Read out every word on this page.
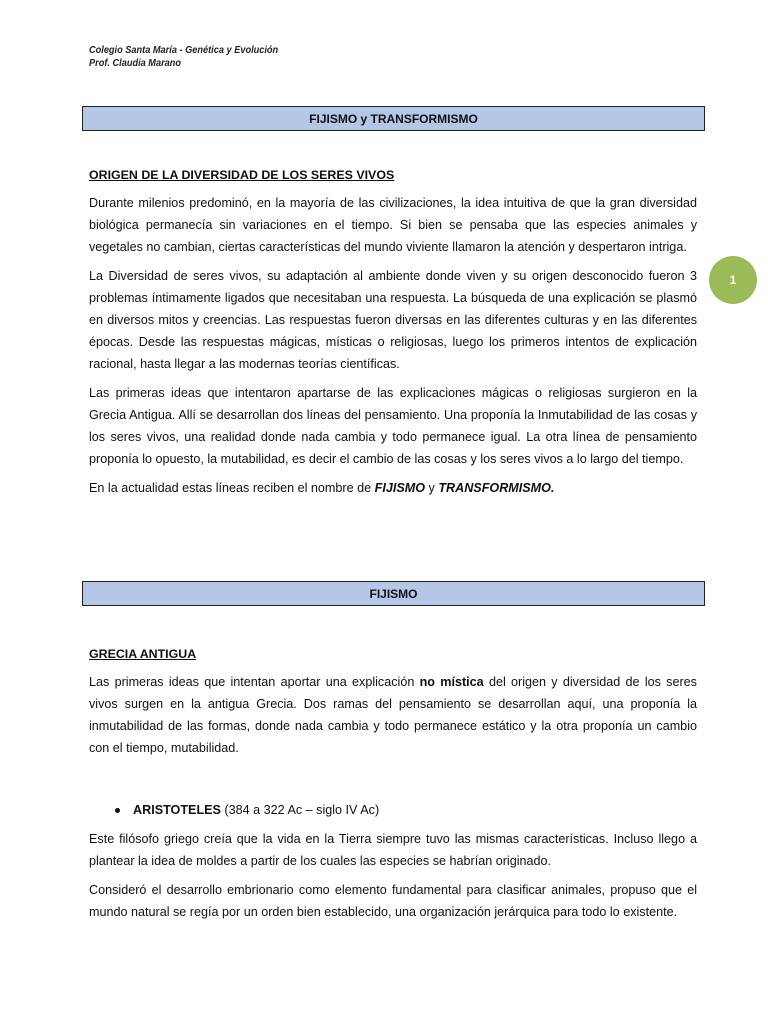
Colegio Santa María - Genética y Evolución
Prof. Claudia Marano
FIJISMO y TRANSFORMISMO
1
ORIGEN DE LA DIVERSIDAD DE LOS SERES VIVOS

Durante milenios predominó, en la mayoría de las civilizaciones, la idea intuitiva de que la gran diversidad biológica permanecía sin variaciones en el tiempo. Si bien se pensaba que las especies animales y vegetales no cambian, ciertas características del mundo viviente llamaron la atención y despertaron intriga.

La Diversidad de seres vivos, su adaptación al ambiente donde viven y su origen desconocido fueron 3 problemas íntimamente ligados que necesitaban una respuesta. La búsqueda de una explicación se plasmó en diversos mitos y creencias. Las respuestas fueron diversas en las diferentes culturas y en las diferentes épocas. Desde las respuestas mágicas, místicas o religiosas, luego los primeros intentos de explicación racional, hasta llegar a las modernas teorías científicas.

Las primeras ideas que intentaron apartarse de las explicaciones mágicas o religiosas surgieron en la Grecia Antigua. Allí se desarrollan dos líneas del pensamiento. Una proponía la Inmutabilidad de las cosas y los seres vivos, una realidad donde nada cambia y todo permanece igual. La otra línea de pensamiento proponía lo opuesto, la mutabilidad, es decir el cambio de las cosas y los seres vivos a lo largo del tiempo.

En la actualidad estas líneas reciben el nombre de FIJISMO y TRANSFORMISMO.

FIJISMO
GRECIA ANTIGUA

Las primeras ideas que intentan aportar una explicación no mística del origen y diversidad de los seres vivos surgen en la antigua Grecia. Dos ramas del pensamiento se desarrollan aquí, una proponía la inmutabilidad de las formas, donde nada cambia y todo permanece estático y la otra proponía un cambio con el tiempo, mutabilidad.

ARISTOTELES (384 a 322 Ac – siglo IV Ac)

Este filósofo griego creía que la vida en la Tierra siempre tuvo las mismas características. Incluso llego a plantear la idea de moldes a partir de los cuales las especies se habrían originado.

Consideró el desarrollo embrionario como elemento fundamental para clasificar animales, propuso que el mundo natural se regía por un orden bien establecido, una organización jerárquica para todo lo existente.
